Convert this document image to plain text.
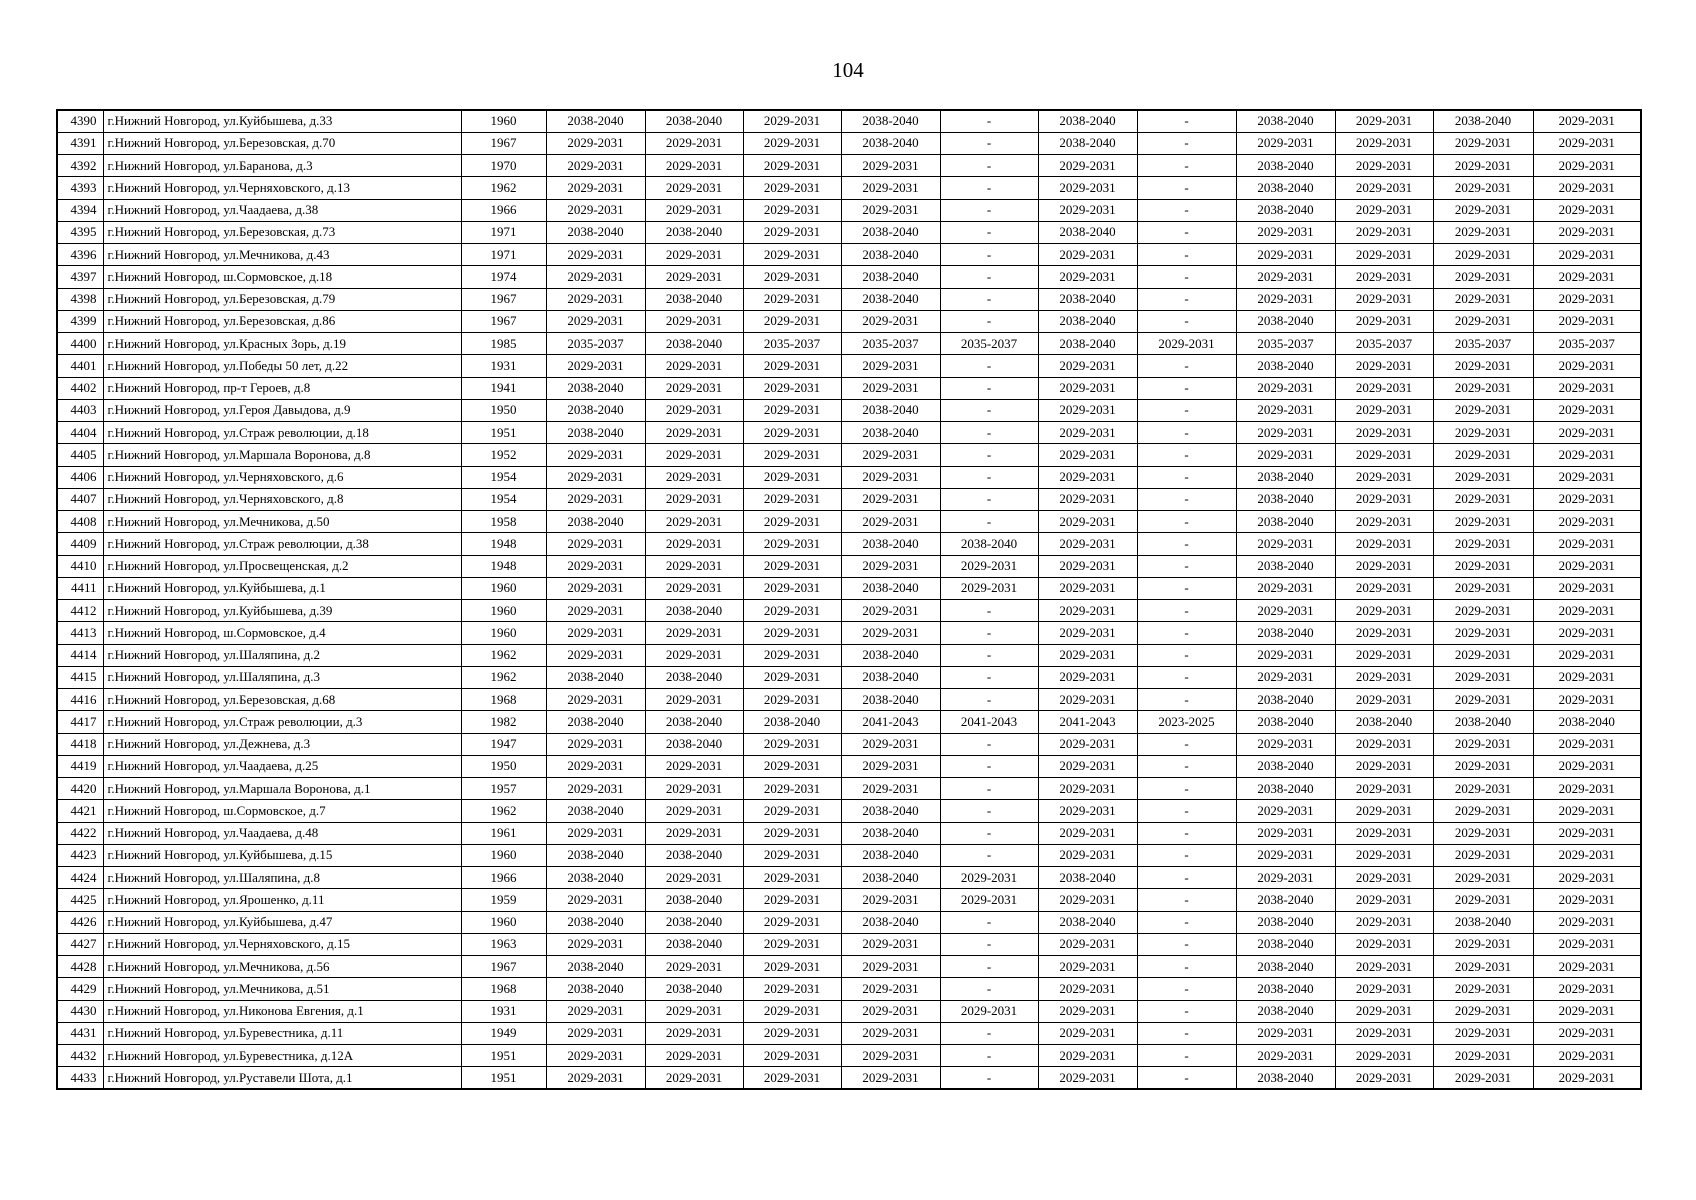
104
4390	г.Нижний Новгород, ул.Куйбышева, д.33	1960	2038-2040	2038-2040	2029-2031	2038-2040	-	2038-2040	-	2038-2040	2029-2031	2038-2040	2029-2031
4391	г.Нижний Новгород, ул.Березовская, д.70	1967	2029-2031	2029-2031	2029-2031	2038-2040	-	2038-2040	-	2029-2031	2029-2031	2029-2031	2029-2031
4392	г.Нижний Новгород, ул.Баранова, д.3	1970	2029-2031	2029-2031	2029-2031	2029-2031	-	2029-2031	-	2038-2040	2029-2031	2029-2031	2029-2031
4393	г.Нижний Новгород, ул.Черняховского, д.13	1962	2029-2031	2029-2031	2029-2031	2029-2031	-	2029-2031	-	2038-2040	2029-2031	2029-2031	2029-2031
4394	г.Нижний Новгород, ул.Чаадаева, д.38	1966	2029-2031	2029-2031	2029-2031	2029-2031	-	2029-2031	-	2038-2040	2029-2031	2029-2031	2029-2031
4395	г.Нижний Новгород, ул.Березовская, д.73	1971	2038-2040	2038-2040	2029-2031	2038-2040	-	2038-2040	-	2029-2031	2029-2031	2029-2031	2029-2031
4396	г.Нижний Новгород, ул.Мечникова, д.43	1971	2029-2031	2029-2031	2029-2031	2038-2040	-	2029-2031	-	2029-2031	2029-2031	2029-2031	2029-2031
4397	г.Нижний Новгород, ш.Сормовское, д.18	1974	2029-2031	2029-2031	2029-2031	2038-2040	-	2029-2031	-	2029-2031	2029-2031	2029-2031	2029-2031
4398	г.Нижний Новгород, ул.Березовская, д.79	1967	2029-2031	2038-2040	2029-2031	2038-2040	-	2038-2040	-	2029-2031	2029-2031	2029-2031	2029-2031
4399	г.Нижний Новгород, ул.Березовская, д.86	1967	2029-2031	2029-2031	2029-2031	2029-2031	-	2038-2040	-	2038-2040	2029-2031	2029-2031	2029-2031
4400	г.Нижний Новгород, ул.Красных Зорь, д.19	1985	2035-2037	2038-2040	2035-2037	2035-2037	2035-2037	2038-2040	2029-2031	2035-2037	2035-2037	2035-2037	2035-2037
4401	г.Нижний Новгород, ул.Победы 50 лет, д.22	1931	2029-2031	2029-2031	2029-2031	2029-2031	-	2029-2031	-	2038-2040	2029-2031	2029-2031	2029-2031
4402	г.Нижний Новгород, пр-т Героев, д.8	1941	2038-2040	2029-2031	2029-2031	2029-2031	-	2029-2031	-	2029-2031	2029-2031	2029-2031	2029-2031
4403	г.Нижний Новгород, ул.Героя Давыдова, д.9	1950	2038-2040	2029-2031	2029-2031	2038-2040	-	2029-2031	-	2029-2031	2029-2031	2029-2031	2029-2031
4404	г.Нижний Новгород, ул.Страж революции, д.18	1951	2038-2040	2029-2031	2029-2031	2038-2040	-	2029-2031	-	2029-2031	2029-2031	2029-2031	2029-2031
4405	г.Нижний Новгород, ул.Маршала Воронова, д.8	1952	2029-2031	2029-2031	2029-2031	2029-2031	-	2029-2031	-	2029-2031	2029-2031	2029-2031	2029-2031
4406	г.Нижний Новгород, ул.Черняховского, д.6	1954	2029-2031	2029-2031	2029-2031	2029-2031	-	2029-2031	-	2038-2040	2029-2031	2029-2031	2029-2031
4407	г.Нижний Новгород, ул.Черняховского, д.8	1954	2029-2031	2029-2031	2029-2031	2029-2031	-	2029-2031	-	2038-2040	2029-2031	2029-2031	2029-2031
4408	г.Нижний Новгород, ул.Мечникова, д.50	1958	2038-2040	2029-2031	2029-2031	2029-2031	-	2029-2031	-	2038-2040	2029-2031	2029-2031	2029-2031
4409	г.Нижний Новгород, ул.Страж революции, д.38	1948	2029-2031	2029-2031	2029-2031	2038-2040	2038-2040	2029-2031	-	2029-2031	2029-2031	2029-2031	2029-2031
4410	г.Нижний Новгород, ул.Просвещенская, д.2	1948	2029-2031	2029-2031	2029-2031	2029-2031	2029-2031	2029-2031	-	2038-2040	2029-2031	2029-2031	2029-2031
4411	г.Нижний Новгород, ул.Куйбышева, д.1	1960	2029-2031	2029-2031	2029-2031	2038-2040	2029-2031	2029-2031	-	2029-2031	2029-2031	2029-2031	2029-2031
4412	г.Нижний Новгород, ул.Куйбышева, д.39	1960	2029-2031	2038-2040	2029-2031	2029-2031	-	2029-2031	-	2029-2031	2029-2031	2029-2031	2029-2031
4413	г.Нижний Новгород, ш.Сормовское, д.4	1960	2029-2031	2029-2031	2029-2031	2029-2031	-	2029-2031	-	2038-2040	2029-2031	2029-2031	2029-2031
4414	г.Нижний Новгород, ул.Шаляпина, д.2	1962	2029-2031	2029-2031	2029-2031	2038-2040	-	2029-2031	-	2029-2031	2029-2031	2029-2031	2029-2031
4415	г.Нижний Новгород, ул.Шаляпина, д.3	1962	2038-2040	2038-2040	2029-2031	2038-2040	-	2029-2031	-	2029-2031	2029-2031	2029-2031	2029-2031
4416	г.Нижний Новгород, ул.Березовская, д.68	1968	2029-2031	2029-2031	2029-2031	2038-2040	-	2029-2031	-	2038-2040	2029-2031	2029-2031	2029-2031
4417	г.Нижний Новгород, ул.Страж революции, д.3	1982	2038-2040	2038-2040	2038-2040	2041-2043	2041-2043	2041-2043	2023-2025	2038-2040	2038-2040	2038-2040	2038-2040
4418	г.Нижний Новгород, ул.Дежнева, д.3	1947	2029-2031	2038-2040	2029-2031	2029-2031	-	2029-2031	-	2029-2031	2029-2031	2029-2031	2029-2031
4419	г.Нижний Новгород, ул.Чаадаева, д.25	1950	2029-2031	2029-2031	2029-2031	2029-2031	-	2029-2031	-	2038-2040	2029-2031	2029-2031	2029-2031
4420	г.Нижний Новгород, ул.Маршала Воронова, д.1	1957	2029-2031	2029-2031	2029-2031	2029-2031	-	2029-2031	-	2038-2040	2029-2031	2029-2031	2029-2031
4421	г.Нижний Новгород, ш.Сормовское, д.7	1962	2038-2040	2029-2031	2029-2031	2038-2040	-	2029-2031	-	2029-2031	2029-2031	2029-2031	2029-2031
4422	г.Нижний Новгород, ул.Чаадаева, д.48	1961	2029-2031	2029-2031	2029-2031	2038-2040	-	2029-2031	-	2029-2031	2029-2031	2029-2031	2029-2031
4423	г.Нижний Новгород, ул.Куйбышева, д.15	1960	2038-2040	2038-2040	2029-2031	2038-2040	-	2029-2031	-	2029-2031	2029-2031	2029-2031	2029-2031
4424	г.Нижний Новгород, ул.Шаляпина, д.8	1966	2038-2040	2029-2031	2029-2031	2038-2040	2029-2031	2038-2040	-	2029-2031	2029-2031	2029-2031	2029-2031
4425	г.Нижний Новгород, ул.Ярошенко, д.11	1959	2029-2031	2038-2040	2029-2031	2029-2031	2029-2031	2029-2031	-	2038-2040	2029-2031	2029-2031	2029-2031
4426	г.Нижний Новгород, ул.Куйбышева, д.47	1960	2038-2040	2038-2040	2029-2031	2038-2040	-	2038-2040	-	2038-2040	2029-2031	2038-2040	2029-2031
4427	г.Нижний Новгород, ул.Черняховского, д.15	1963	2029-2031	2038-2040	2029-2031	2029-2031	-	2029-2031	-	2038-2040	2029-2031	2029-2031	2029-2031
4428	г.Нижний Новгород, ул.Мечникова, д.56	1967	2038-2040	2029-2031	2029-2031	2029-2031	-	2029-2031	-	2038-2040	2029-2031	2029-2031	2029-2031
4429	г.Нижний Новгород, ул.Мечникова, д.51	1968	2038-2040	2038-2040	2029-2031	2029-2031	-	2029-2031	-	2038-2040	2029-2031	2029-2031	2029-2031
4430	г.Нижний Новгород, ул.Никонова Евгения, д.1	1931	2029-2031	2029-2031	2029-2031	2029-2031	2029-2031	2029-2031	-	2038-2040	2029-2031	2029-2031	2029-2031
4431	г.Нижний Новгород, ул.Буревестника, д.11	1949	2029-2031	2029-2031	2029-2031	2029-2031	-	2029-2031	-	2029-2031	2029-2031	2029-2031	2029-2031
4432	г.Нижний Новгород, ул.Буревестника, д.12А	1951	2029-2031	2029-2031	2029-2031	2029-2031	-	2029-2031	-	2029-2031	2029-2031	2029-2031	2029-2031
4433	г.Нижний Новгород, ул.Руставели Шота, д.1	1951	2029-2031	2029-2031	2029-2031	2029-2031	-	2029-2031	-	2038-2040	2029-2031	2029-2031	2029-2031
